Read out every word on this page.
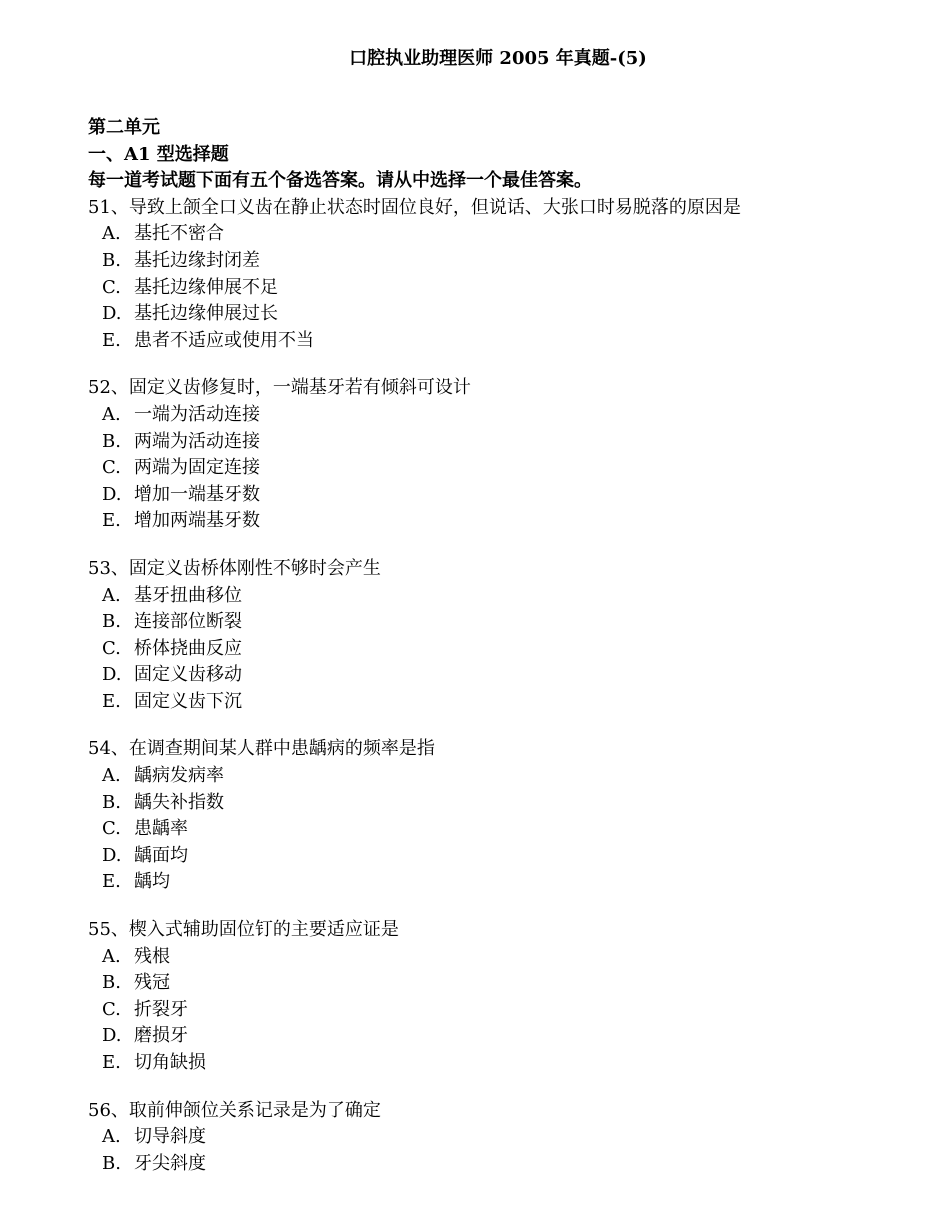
口腔执业助理医师 2005 年真题-(5)
第二单元
一、A1 型选择题
每一道考试题下面有五个备选答案。请从中选择一个最佳答案。
51、导致上颌全口义齿在静止状态时固位良好，但说话、大张口时易脱落的原因是
A. 基托不密合
B. 基托边缘封闭差
C. 基托边缘伸展不足
D. 基托边缘伸展过长
E. 患者不适应或使用不当
52、固定义齿修复时，一端基牙若有倾斜可设计
A. 一端为活动连接
B. 两端为活动连接
C. 两端为固定连接
D. 增加一端基牙数
E. 增加两端基牙数
53、固定义齿桥体刚性不够时会产生
A. 基牙扭曲移位
B. 连接部位断裂
C. 桥体挠曲反应
D. 固定义齿移动
E. 固定义齿下沉
54、在调查期间某人群中患龋病的频率是指
A. 龋病发病率
B. 龋失补指数
C. 患龋率
D. 龋面均
E. 龋均
55、楔入式辅助固位钉的主要适应证是
A. 残根
B. 残冠
C. 折裂牙
D. 磨损牙
E. 切角缺损
56、取前伸颌位关系记录是为了确定
A. 切导斜度
B. 牙尖斜度
